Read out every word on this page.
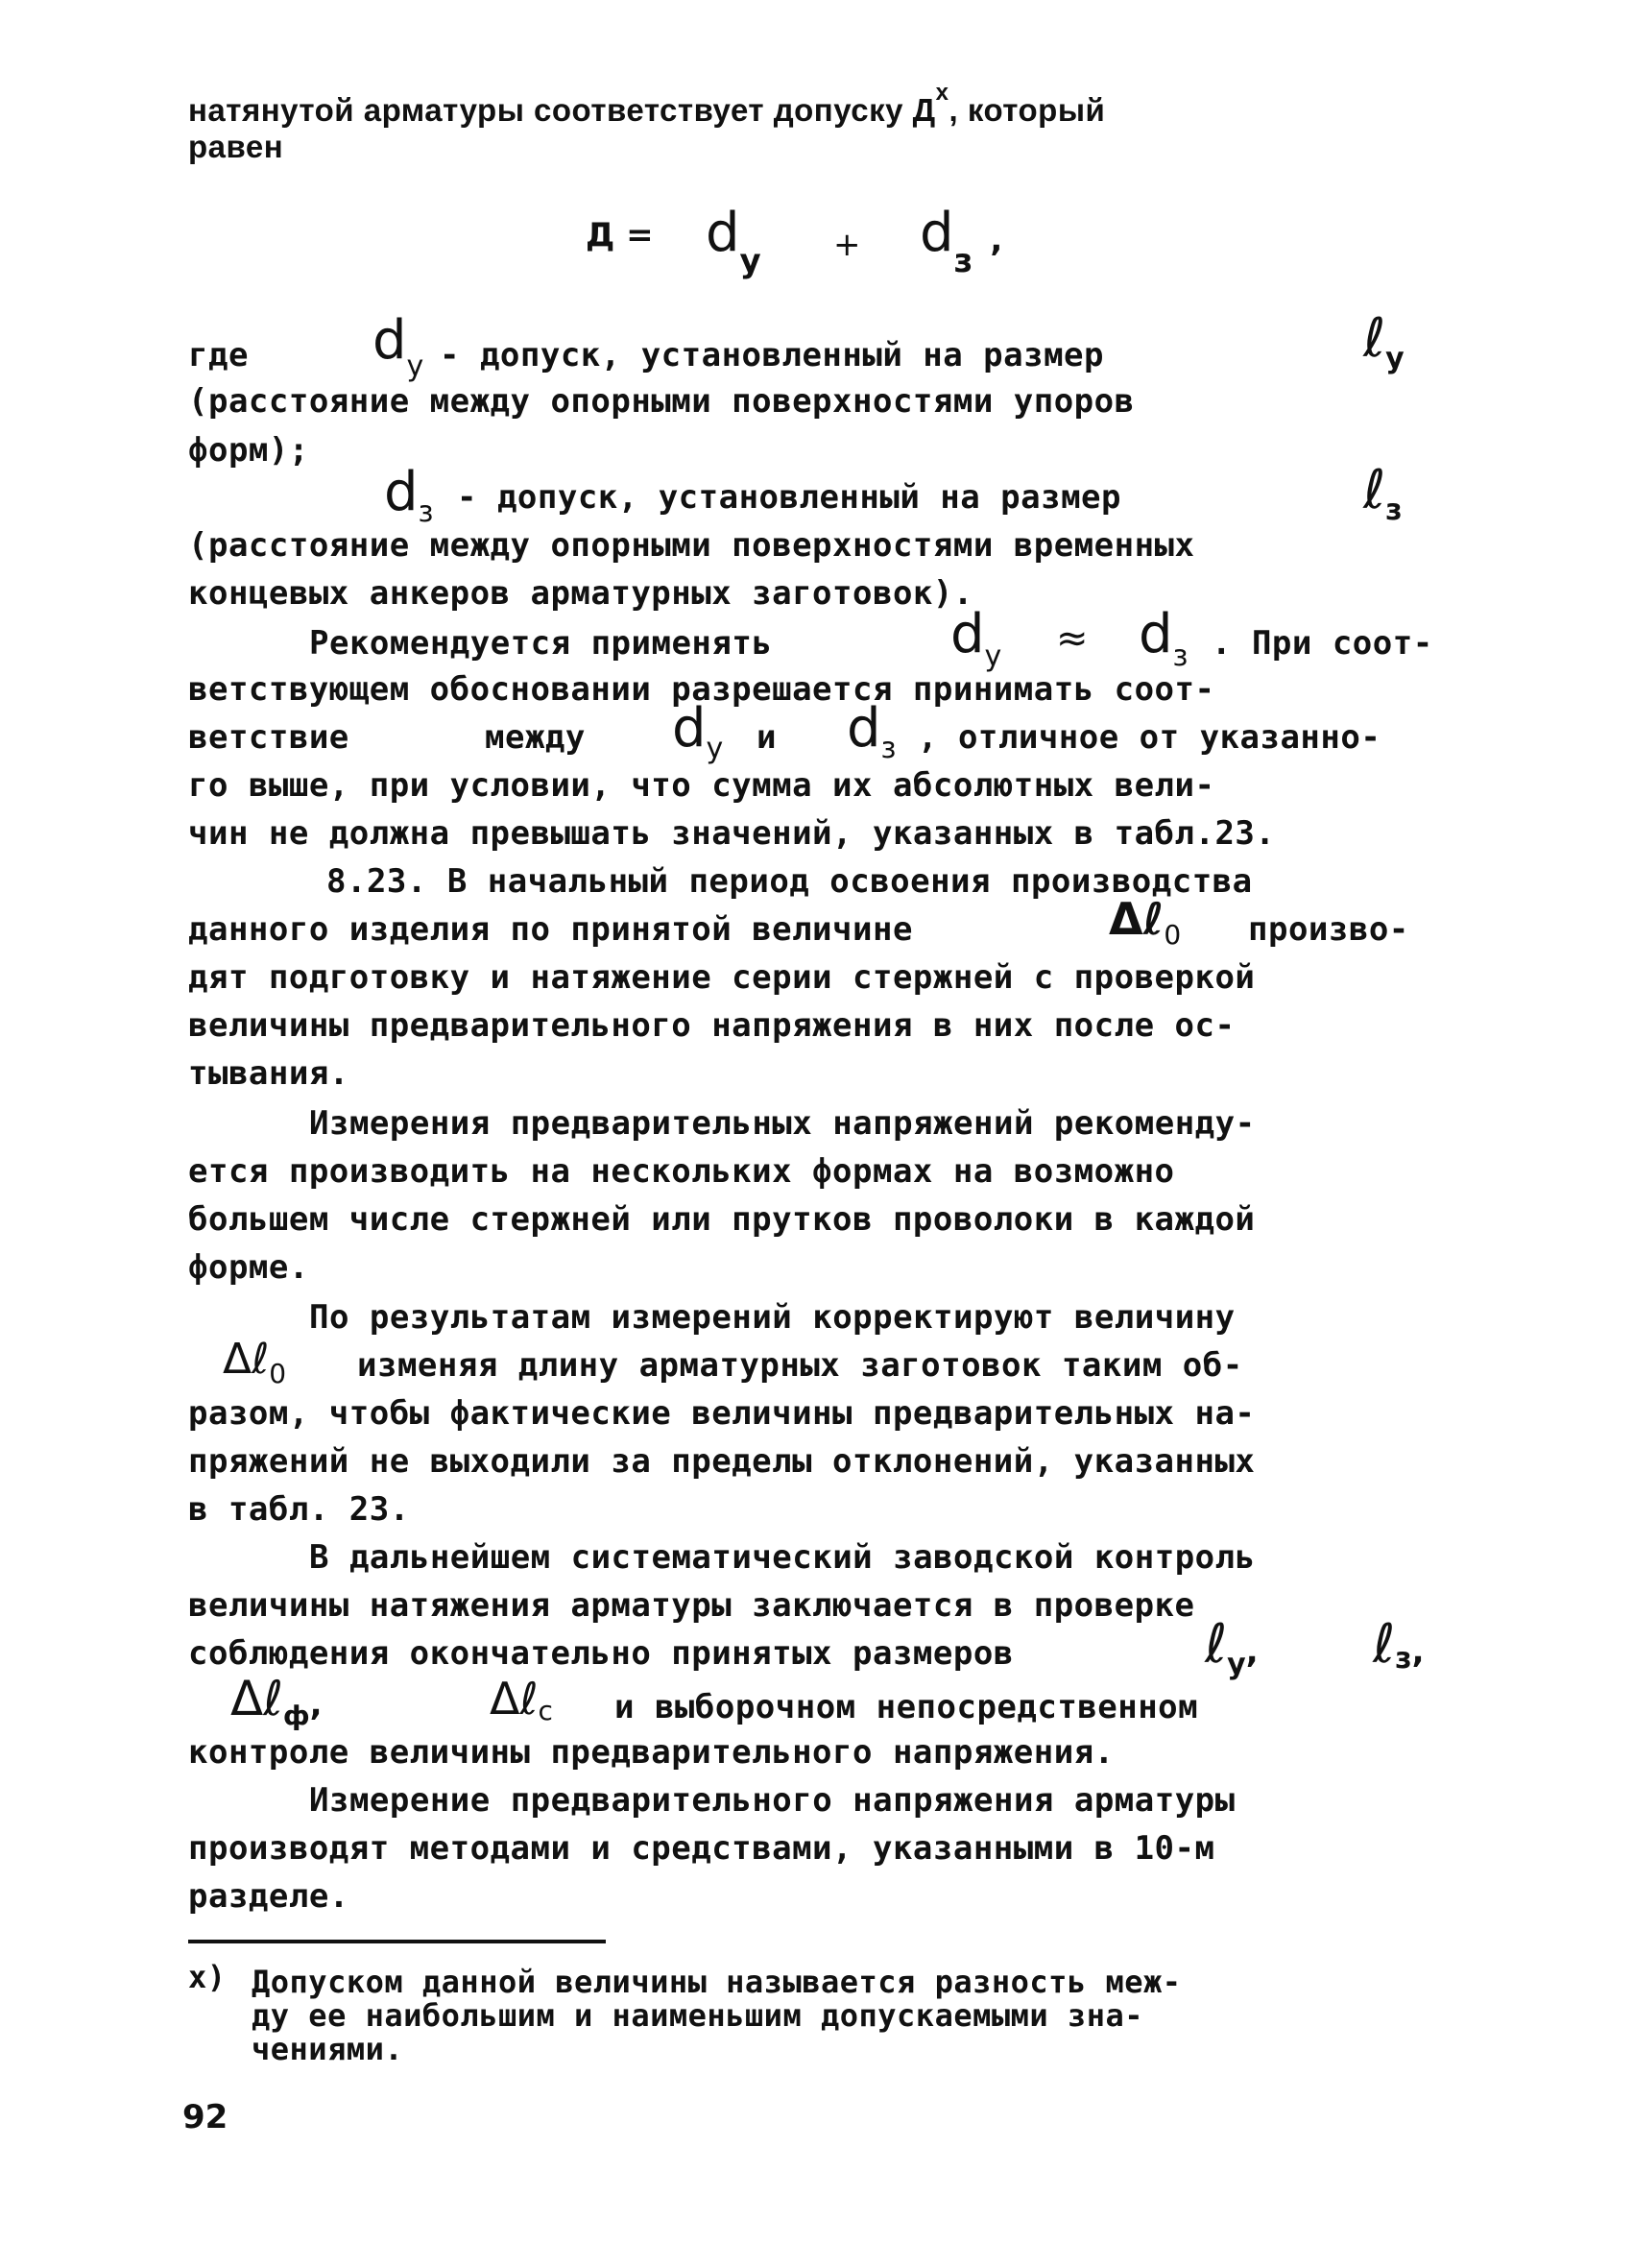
натянутой арматуры соответствует допуску $Д^х$, который
равен
$Д = d_у + d_з$,
где $d_у$ - допуск, установленный на размер	ℓ$_у$
(расстояние между опорными поверхностями упоров
форм);
$d_з$ - допуск, установленный на размер	ℓ$_з$
(расстояние между опорными поверхностями временных
концевых анкеров арматурных заготовок).
Рекомендуется применять	$d_у \approx d_з$ . При соот-
ветствующем обосновании разрешается принимать соот-
ветствие	между $d_у$ и $d_з$ , отличное от указанно-
го выше, при условии, что сумма их абсолютных вели-
чин не должна превышать значений, указанных в табл.23.
8.23. В начальный период освоения производства
данного изделия по принятой величине	Δℓ$_0$ произво-
дят подготовку и натяжение серии стержней с проверкой
величины предварительного напряжения в них после ос-
тывания.
Измерения предварительных напряжений рекоменду-
ется производить на нескольких формах на возможно
большем числе стержней или прутков проволоки в каждой
форме.
По результатам измерений корректируют величину
Δℓ$_0$ изменяя длину арматурных заготовок таким об-
разом, чтобы фактические величины предварительных на-
пряжений не выходили за пределы отклонений, указанных
в табл. 23.
В дальнейшем систематический заводской контроль
величины натяжения арматуры заключается в проверке
соблюдения окончательно принятых размеров	ℓ$_у$, ℓз,
Δℓ$_ф$,	Δℓс и выборочном непосредственном
контроле величины предварительного напряжения.
Измерение предварительного напряжения арматуры
производят методами и средствами, указанными в 10-м
разделе.
х) Допуском данной величины называется разность меж-
ду ее наибольшим и наименьшим допускаемыми зна-
чениями.
92
